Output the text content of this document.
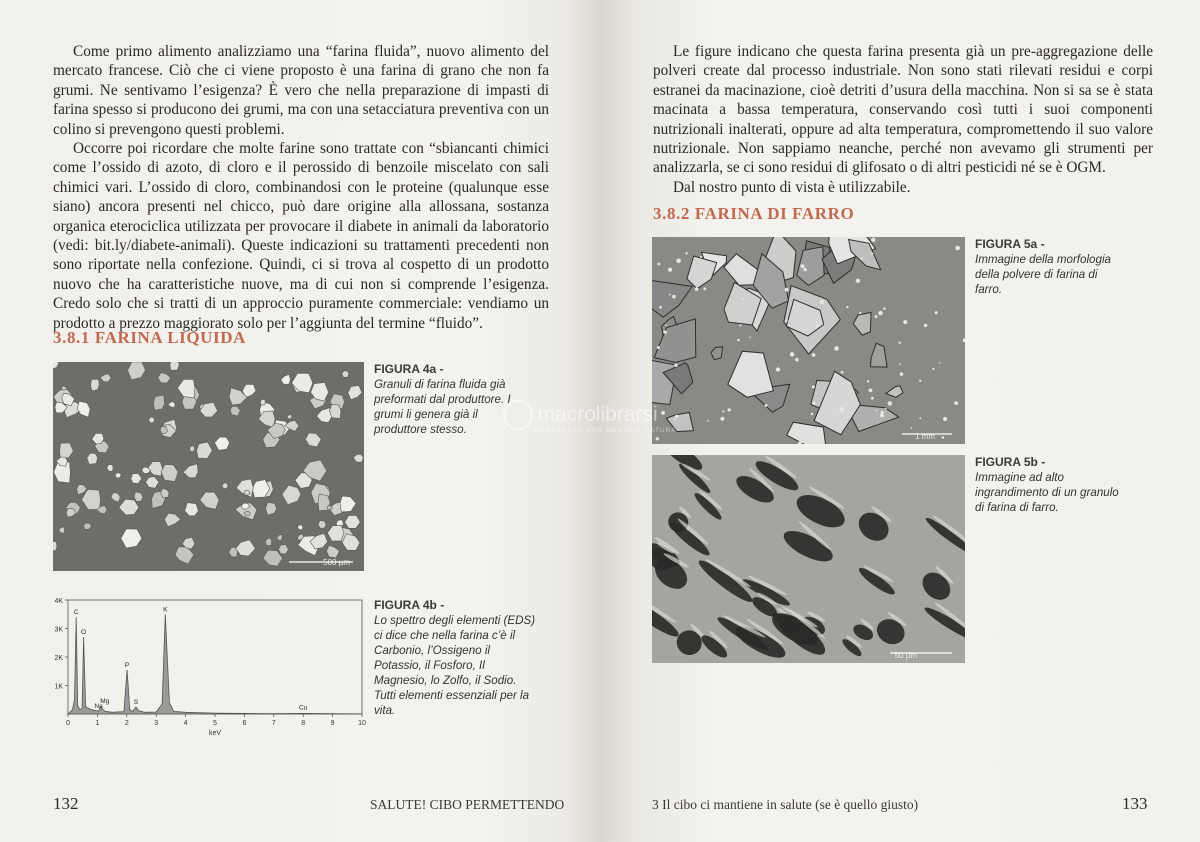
Come primo alimento analizziamo una “farina fluida”, nuovo alimento del mercato francese. Ciò che ci viene proposto è una farina di grano che non fa grumi. Ne sentivamo l’esigenza? È vero che nella preparazione di impasti di farina spesso si producono dei grumi, ma con una setacciatura preventiva con un colino si prevengono questi problemi.

Occorre poi ricordare che molte farine sono trattate con “sbiancanti chimici come l’ossido di azoto, di cloro e il perossido di benzoile miscelato con sali chimici vari. L’ossido di cloro, combinandosi con le proteine (qualunque esse siano) ancora presenti nel chicco, può dare origine alla allossana, sostanza organica eterociclica utilizzata per provocare il diabete in animali da laboratorio (vedi: bit.ly/diabete-animali). Queste indicazioni su trattamenti precedenti non sono riportate nella confezione. Quindi, ci si trova al cospetto di un prodotto nuovo che ha caratteristiche nuove, ma di cui non si comprende l’esigenza. Credo solo che si tratti di un approccio puramente commerciale: vendiamo un prodotto a prezzo maggiorato solo per l’aggiunta del termine “fluido”.

3.8.1 FARINA LIQUIDA
500 µm
FIGURA 4a -
Granuli di farina fluida già preformati dal produttore. I grumi li genera già il produttore stesso.
1K
2K
3K
4K
0	1	2	3	4	5	6	7	8	9	10
keV
C
O
Na
Mg
P
S
K
Cu
FIGURA 4b -
Lo spettro degli elementi (EDS) ci dice che nella farina c’è il Carbonio, l’Ossigeno il Potassio, il Fosforo, Il Magnesio, lo Zolfo, il Sodio. Tutti elementi essenziali per la vita.
132	SALUTE! CIBO PERMETTENDO

Le figure indicano che questa farina presenta già un pre-aggregazione delle polveri create dal processo industriale. Non sono stati rilevati residui e corpi estranei da macinazione, cioè detriti d’usura della macchina. Non si sa se è stata macinata a bassa temperatura, conservando così tutti i suoi componenti nutrizionali inalterati, oppure ad alta temperatura, compromettendo il suo valore nutrizionale. Non sappiamo neanche, perché non avevamo gli strumenti per analizzarla, se ci sono residui di glifosato o di altri pesticidi né se è OGM.

Dal nostro punto di vista è utilizzabile.

3.8.2 FARINA DI FARRO
1 mm
FIGURA 5a -
Immagine della morfologia della polvere di farina di farro.
50 µm
FIGURA 5b -
Immagine ad alto ingrandimento di un granulo di farina di farro.
3 Il cibo ci mantiene in salute (se è quello giusto)	133
macrolibrarsi
BENESSERE PER MENTE E NATURA
